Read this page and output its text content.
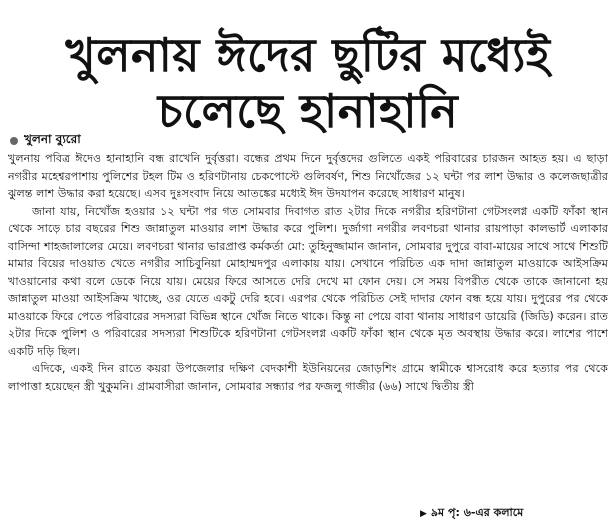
খুলনায় ঈদের ছুটির মধ্যেই
চলেছে হানাহানি
খুলনা ব্যুরো

খুলনায় পবিত্র ঈদেও হানাহানি বন্ধ রাখেনি দুর্বৃত্তরা। বন্ধের প্রথম দিনে দুর্বৃত্তদের গুলিতে একই পরিবারের চারজন আহত হয়। এ ছাড়া নগরীর মহেশ্বরপাশায় পুলিশের টহল টিম ও হরিণটানায় চেকপোস্টে গুলিবর্ষণ, শিশু নিখোঁজের ১২ ঘন্টা পর লাশ উদ্ধার ও কলেজছাত্রীর ঝুলন্ত লাশ উদ্ধার করা হয়েছে। এসব দুঃসংবাদ নিয়ে আতঙ্কের মধ্যেই ঈদ উদযাপন করেছে সাধারণ মানুষ।

জানা যায়, নিখোঁজ হওয়ার ১২ ঘন্টা পর গত সোমবার দিবাগত রাত ২টার দিকে নগরীর হরিণটানা গেটসংলগ্ন একটি ফাঁকা স্থান থেকে সাড়ে চার বছরের শিশু জান্নাতুল মাওয়ার লাশ উদ্ধার করে পুলিশ। দুর্জাগা নগরীর লবণচরা থানার রায়পাড়া কালভার্ট এলাকার বাসিন্দা শাহজালালের মেয়ে। লবণচরা থানার ভারপ্রাপ্ত কর্মকর্তা মো: তুহিনুজ্জামান জানান, সোমবার দুপুরে বাবা-মায়ের সাথে সাথে শিশুটি মামার বিয়ের দাওয়াত খেতে নগরীর সাচিবুনিয়া মোহাম্মদপুর এলাকায় যায়। সেখানে পরিচিত এক দাদা জান্নাতুল মাওয়াকে আইসক্রিম খাওয়ানোর কথা বলে ডেকে নিয়ে যায়। মেয়ের ফিরে আসতে দেরি দেখে মা ফোন দেয়। সে সময় বিপরীত থেকে তাকে জানানো হয় জান্নাতুল মাওয়া আইসক্রিম খাচ্ছে, ওর যেতে একটু দেরি হবে। এরপর থেকে পরিচিত সেই দাদার ফোন বন্ধ হয়ে যায়। দুপুরের পর থেকে মাওয়াকে ফিরে পেতে পরিবারের সদস্যরা বিভিন্ন স্থানে খোঁজ নিতে থাকে। কিন্তু না পেয়ে বাবা থানায় সাধারণ ডায়েরি (জিডি) করেন। রাত ২টার দিকে পুলিশ ও পরিবারের সদস্যরা শিশুটিকে হরিণটানা গেটসংলগ্ন একটি ফাঁকা স্থান থেকে মৃত অবস্থায় উদ্ধার করে। লাশের পাশে একটি দড়ি ছিল।

এদিকে, একই দিন রাতে কয়রা উপজেলার দক্ষিণ বেদকাশী ইউনিয়নের জোড়শিং গ্রামে স্বামীকে শ্বাসরোধ করে হত্যার পর থেকে লাপাত্তা হয়েছেন স্ত্রী খুকুমনি। গ্রামবাসীরা জানান, সোমবার সন্ধ্যার পর ফজলু গাজীর (৬৬) সাথে দ্বিতীয় স্ত্রী

▶ ৯ম পৃ: ৬-এর কলামে
